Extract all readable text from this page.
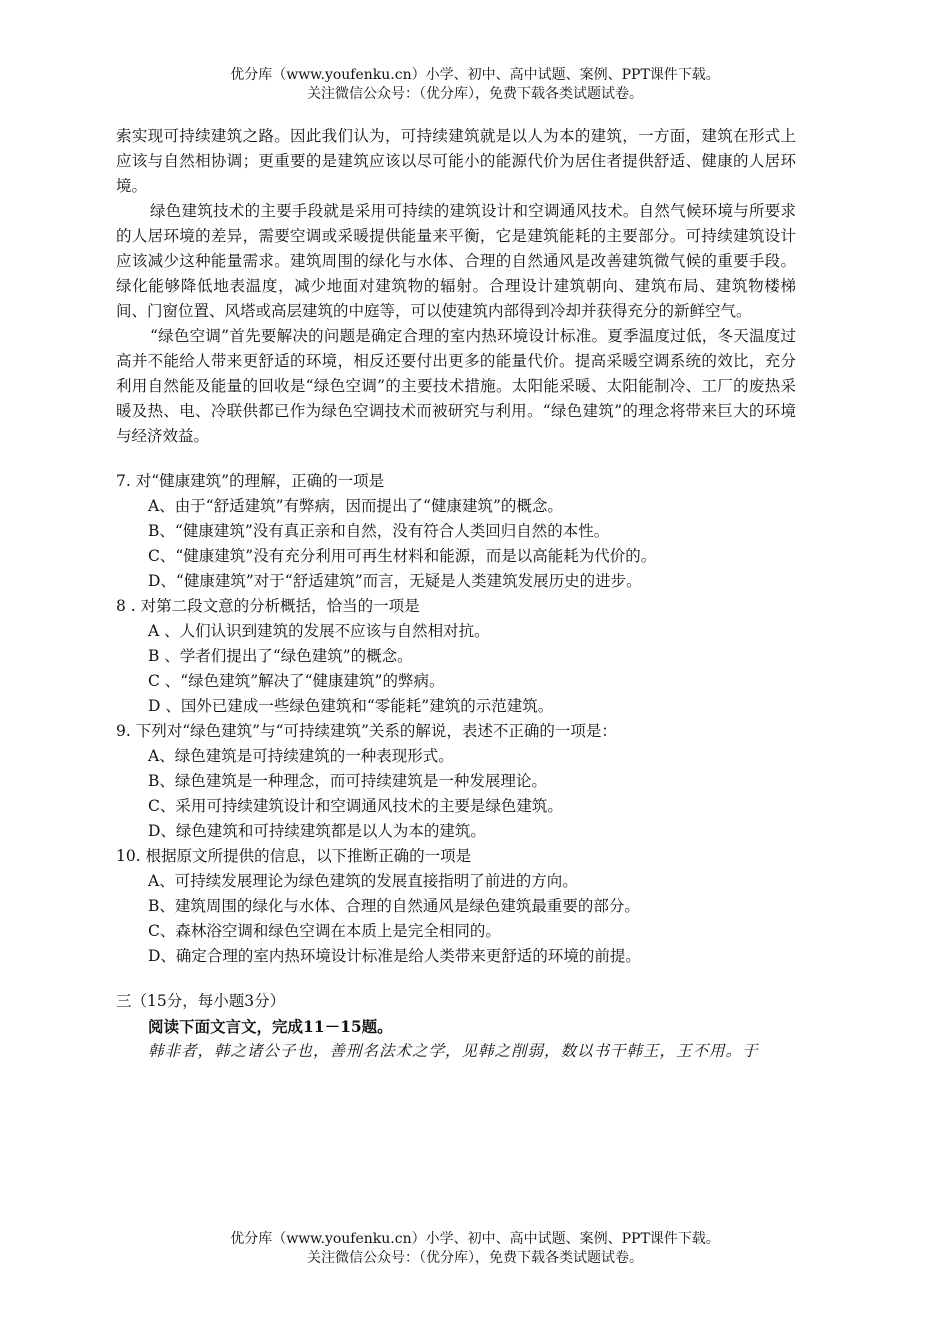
优分库（www.youfenku.cn）小学、初中、高中试题、案例、PPT课件下载。
关注微信公众号：（优分库），免费下载各类试题试卷。

索实现可持续建筑之路。因此我们认为，可持续建筑就是以人为本的建筑，一方面，建筑在形式上应该与自然相协调；更重要的是建筑应该以尽可能小的能源代价为居住者提供舒适、健康的人居环境。

绿色建筑技术的主要手段就是采用可持续的建筑设计和空调通风技术。自然气候环境与所要求的人居环境的差异，需要空调或采暖提供能量来平衡，它是建筑能耗的主要部分。可持续建筑设计应该减少这种能量需求。建筑周围的绿化与水体、合理的自然通风是改善建筑微气候的重要手段。绿化能够降低地表温度，减少地面对建筑物的辐射。合理设计建筑朝向、建筑布局、建筑物楼梯间、门窗位置、风塔或高层建筑的中庭等，可以使建筑内部得到冷却并获得充分的新鲜空气。

“绿色空调”首先要解决的问题是确定合理的室内热环境设计标准。夏季温度过低，冬天温度过高并不能给人带来更舒适的环境，相反还要付出更多的能量代价。提高采暖空调系统的效比，充分利用自然能及能量的回收是“绿色空调”的主要技术措施。太阳能采暖、太阳能制冷、工厂的废热采暖及热、电、冷联供都已作为绿色空调技术而被研究与利用。“绿色建筑”的理念将带来巨大的环境与经济效益。

7. 对“健康建筑”的理解，正确的一项是

A、由于“舒适建筑”有弊病，因而提出了“健康建筑”的概念。

B、“健康建筑”没有真正亲和自然，没有符合人类回归自然的本性。

C、“健康建筑”没有充分利用可再生材料和能源，而是以高能耗为代价的。

D、“健康建筑”对于“舒适建筑”而言，无疑是人类建筑发展历史的进步。

8 . 对第二段文意的分析概括，恰当的一项是

A 、人们认识到建筑的发展不应该与自然相对抗。

B 、学者们提出了“绿色建筑”的概念。

C 、“绿色建筑”解决了“健康建筑”的弊病。

D 、国外已建成一些绿色建筑和“零能耗”建筑的示范建筑。

9. 下列对“绿色建筑”与“可持续建筑”关系的解说，表述不正确的一项是：

A、绿色建筑是可持续建筑的一种表现形式。

B、绿色建筑是一种理念，而可持续建筑是一种发展理论。

C、采用可持续建筑设计和空调通风技术的主要是绿色建筑。

D、绿色建筑和可持续建筑都是以人为本的建筑。

10. 根据原文所提供的信息，以下推断正确的一项是

A、可持续发展理论为绿色建筑的发展直接指明了前进的方向。

B、建筑周围的绿化与水体、合理的自然通风是绿色建筑最重要的部分。

C、森林浴空调和绿色空调在本质上是完全相同的。

D、确定合理的室内热环境设计标准是给人类带来更舒适的环境的前提。

三（15分，每小题3分）

阅读下面文言文，完成11－15题。

韩非者，韩之诸公子也，善刑名法术之学，见韩之削弱，数以书干韩王，王不用。于

优分库（www.youfenku.cn）小学、初中、高中试题、案例、PPT课件下载。
关注微信公众号：（优分库），免费下载各类试题试卷。
